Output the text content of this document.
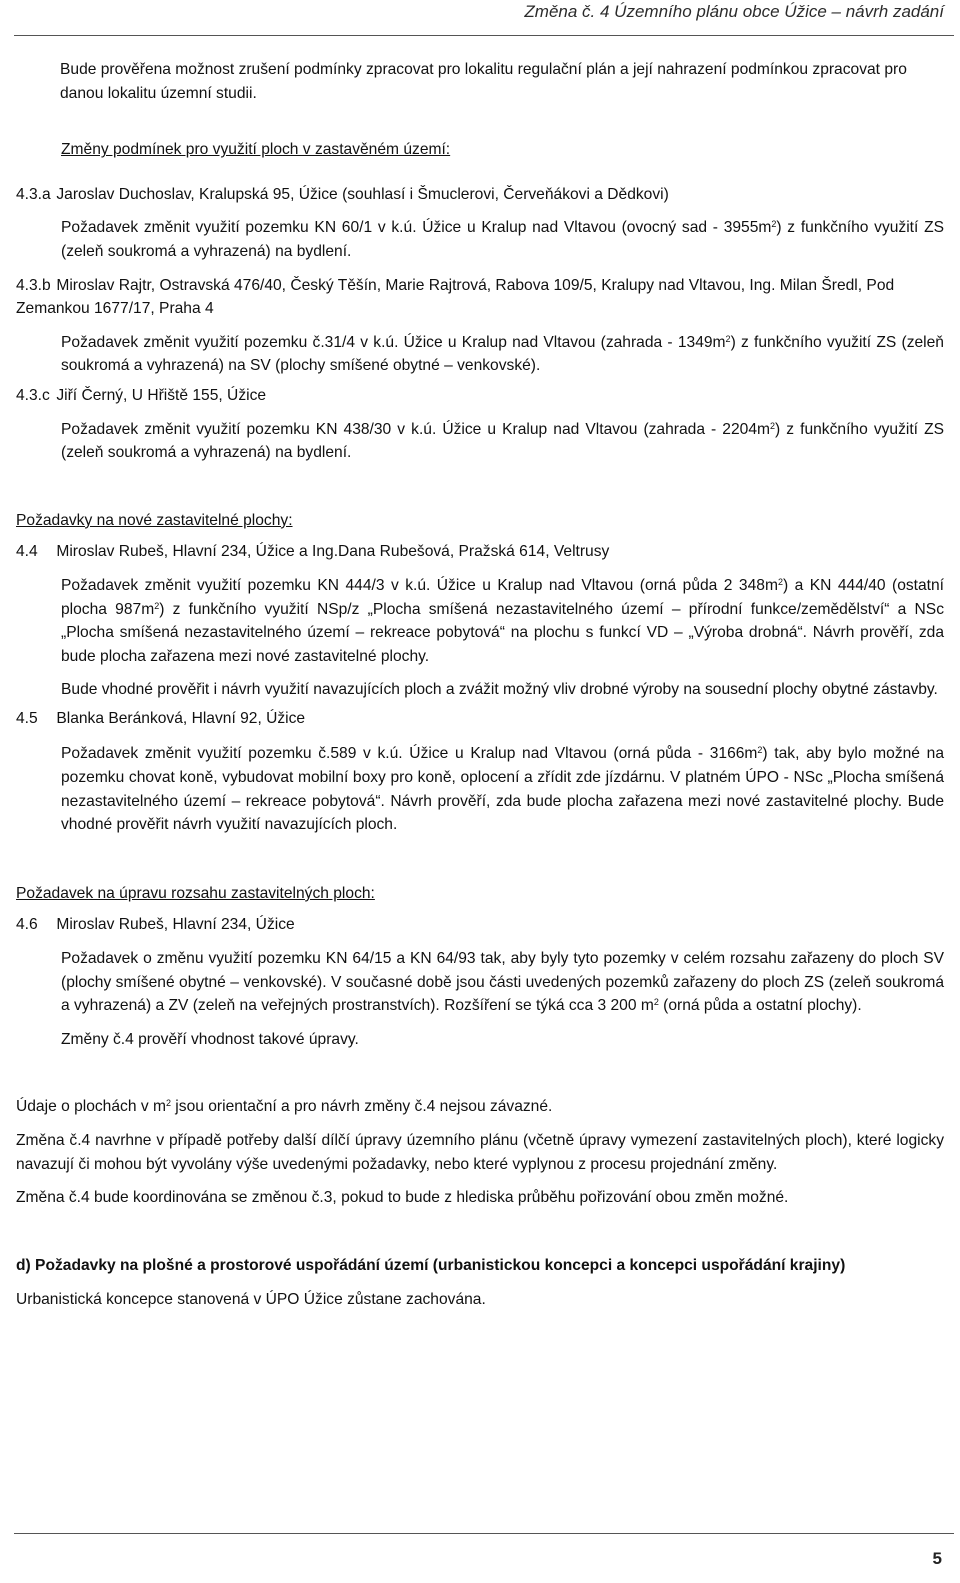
Změna č. 4 Územního plánu obce Úžice – návrh zadání

Bude prověřena možnost zrušení podmínky zpracovat pro lokalitu regulační plán a její nahrazení podmínkou zpracovat pro danou lokalitu územní studii.

Změny podmínek pro využití ploch v zastavěném území:

4.3.a Jaroslav Duchoslav, Kralupská 95, Úžice (souhlasí i Šmuclerovi, Červeňákovi a Dědkovi)

Požadavek změnit využití pozemku KN 60/1 v k.ú. Úžice u Kralup nad Vltavou (ovocný sad - $3955m^2$) z funkčního využití ZS (zeleň soukromá a vyhrazená) na bydlení.

4.3.b Miroslav Rajtr, Ostravská 476/40, Český Těšín, Marie Rajtrová, Rabova 109/5, Kralupy nad Vltavou, Ing. Milan Šredl, Pod Zemankou 1677/17, Praha 4

Požadavek změnit využití pozemku č.31/4 v k.ú. Úžice u Kralup nad Vltavou (zahrada - $1349m^2$) z funkčního využití ZS (zeleň soukromá a vyhrazená) na SV (plochy smíšené obytné – venkovské).

4.3.c Jiří Černý, U Hřiště 155, Úžice

Požadavek změnit využití pozemku KN 438/30 v k.ú. Úžice u Kralup nad Vltavou (zahrada - $2204m^2$) z funkčního využití ZS (zeleň soukromá a vyhrazená) na bydlení.

Požadavky na nové zastavitelné plochy:

4.4 Miroslav Rubeš, Hlavní 234, Úžice a Ing.Dana Rubešová, Pražská 614, Veltrusy

Požadavek změnit využití pozemku KN 444/3 v k.ú. Úžice u Kralup nad Vltavou (orná půda 2 $348m^2$) a KN 444/40 (ostatní plocha $987m^2$) z funkčního využití NSp/z „Plocha smíšená nezastavitelného území – přírodní funkce/zemědělství“ a NSc „Plocha smíšená nezastavitelného území – rekreace pobytová“ na plochu s funkcí VD – „Výroba drobná“. Návrh prověří, zda bude plocha zařazena mezi nové zastavitelné plochy.

Bude vhodné prověřit i návrh využití navazujících ploch a zvážit možný vliv drobné výroby na sousední plochy obytné zástavby.

4.5 Blanka Beránková, Hlavní 92, Úžice

Požadavek změnit využití pozemku č.589 v k.ú. Úžice u Kralup nad Vltavou (orná půda - $3166m^2$) tak, aby bylo možné na pozemku chovat koně, vybudovat mobilní boxy pro koně, oplocení a zřídit zde jízdárnu. V platném ÚPO - NSc „Plocha smíšená nezastavitelného území – rekreace pobytová“. Návrh prověří, zda bude plocha zařazena mezi nové zastavitelné plochy. Bude vhodné prověřit návrh využití navazujících ploch.

Požadavek na úpravu rozsahu zastavitelných ploch:

4.6 Miroslav Rubeš, Hlavní 234, Úžice

Požadavek o změnu využití pozemku KN 64/15 a KN 64/93 tak, aby byly tyto pozemky v celém rozsahu zařazeny do ploch SV (plochy smíšené obytné – venkovské). V současné době jsou části uvedených pozemků zařazeny do ploch ZS (zeleň soukromá a vyhrazená) a ZV (zeleň na veřejných prostranstvích). Rozšíření se týká cca 3 200 $m^2$ (orná půda a ostatní plochy).

Změny č.4 prověří vhodnost takové úpravy.

Údaje o plochách v $m^2$ jsou orientační a pro návrh změny č.4 nejsou závazné.

Změna č.4 navrhne v případě potřeby další dílčí úpravy územního plánu (včetně úpravy vymezení zastavitelných ploch), které logicky navazují či mohou být vyvolány výše uvedenými požadavky, nebo které vyplynou z procesu projednání změny.

Změna č.4 bude koordinována se změnou č.3, pokud to bude z hlediska průběhu pořizování obou změn možné.

d) Požadavky na plošné a prostorové uspořádání území (urbanistickou koncepci a koncepci uspořádání krajiny)

Urbanistická koncepce stanovená v ÚPO Úžice zůstane zachována.

5
